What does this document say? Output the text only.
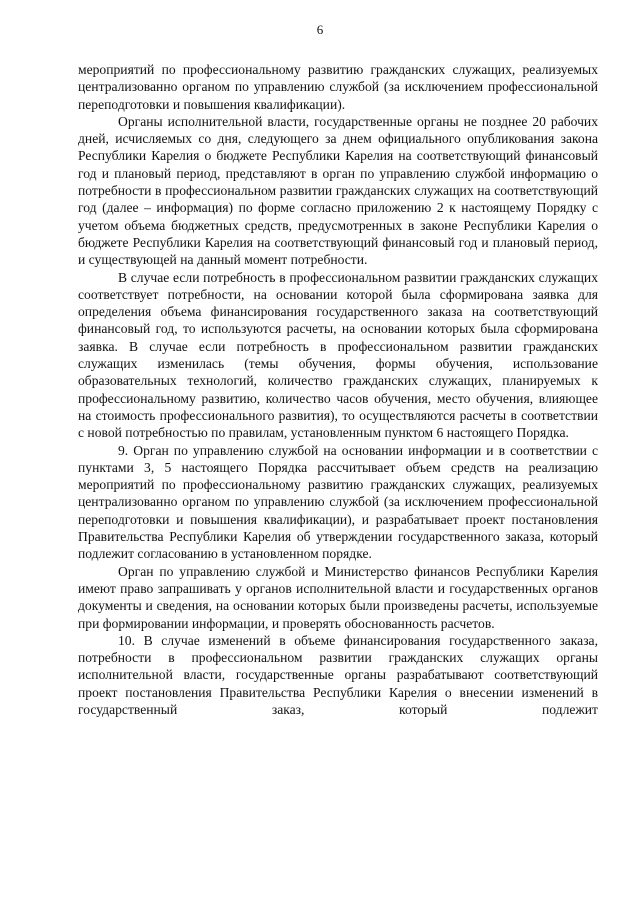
6

мероприятий по профессиональному развитию гражданских служащих, реализуемых централизованно органом по управлению службой (за исключением профессиональной переподготовки и повышения квалификации).

Органы исполнительной власти, государственные органы не позднее 20 рабочих дней, исчисляемых со дня, следующего за днем официального опубликования закона Республики Карелия о бюджете Республики Карелия на соответствующий финансовый год и плановый период, представляют в орган по управлению службой информацию о потребности в профессиональном развитии гражданских служащих на соответствующий год (далее – информация) по форме согласно приложению 2 к настоящему Порядку с учетом объема бюджетных средств, предусмотренных в законе Республики Карелия о бюджете Республики Карелия на соответствующий финансовый год и плановый период, и существующей на данный момент потребности.

В случае если потребность в профессиональном развитии гражданских служащих соответствует потребности, на основании которой была сформирована заявка для определения объема финансирования государственного заказа на соответствующий финансовый год, то используются расчеты, на основании которых была сформирована заявка. В случае если потребность в профессиональном развитии гражданских служащих изменилась (темы обучения, формы обучения, использование образовательных технологий, количество гражданских служащих, планируемых к профессиональному развитию, количество часов обучения, место обучения, влияющее на стоимость профессионального развития), то осуществляются расчеты в соответствии с новой потребностью по правилам, установленным пунктом 6 настоящего Порядка.

9. Орган по управлению службой на основании информации и в соответствии с пунктами 3, 5 настоящего Порядка рассчитывает объем средств на реализацию мероприятий по профессиональному развитию гражданских служащих, реализуемых централизованно органом по управлению службой (за исключением профессиональной переподготовки и повышения квалификации), и разрабатывает проект постановления Правительства Республики Карелия об утверждении государственного заказа, который подлежит согласованию в установленном порядке.

Орган по управлению службой и Министерство финансов Республики Карелия имеют право запрашивать у органов исполнительной власти и государственных органов документы и сведения, на основании которых были произведены расчеты, используемые при формировании информации, и проверять обоснованность расчетов.

10. В случае изменений в объеме финансирования государственного заказа, потребности в профессиональном развитии гражданских служащих органы исполнительной власти, государственные органы разрабатывают соответствующий проект постановления Правительства Республики Карелия о внесении изменений в государственный заказ, который подлежит
